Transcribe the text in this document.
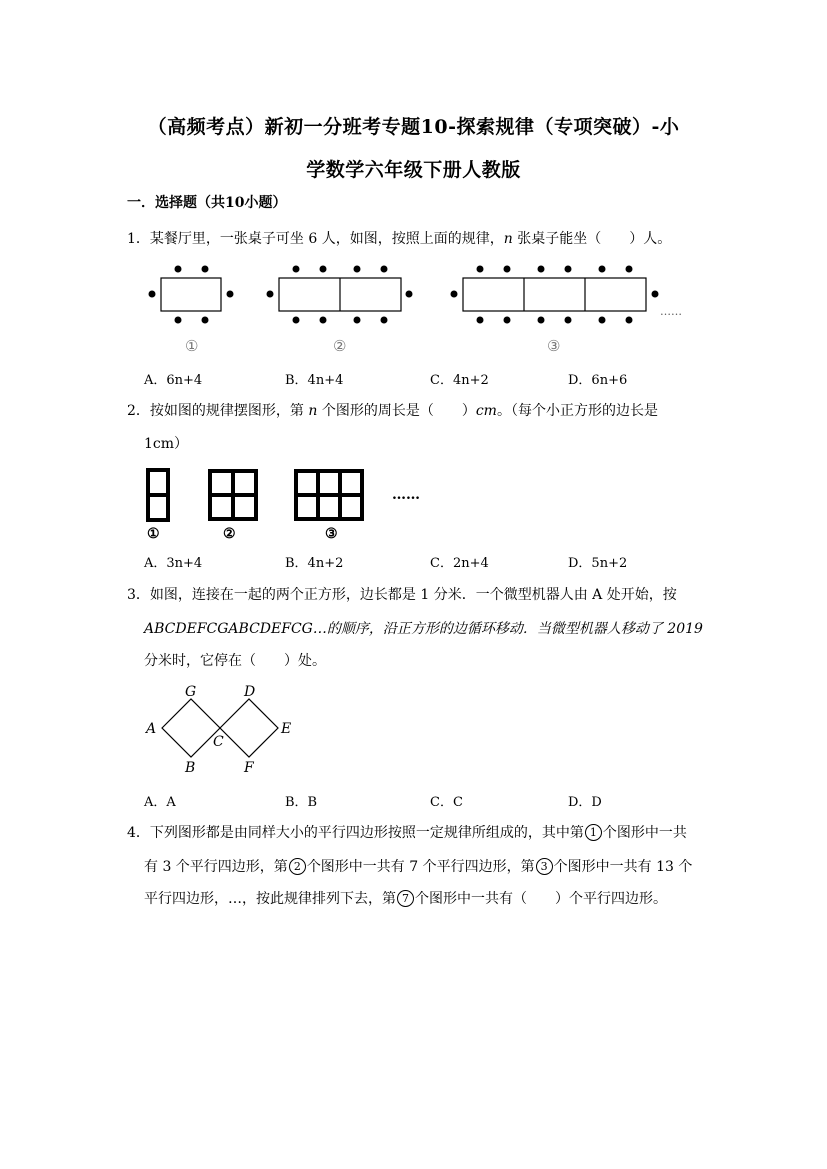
（高频考点）新初一分班考专题10-探索规律（专项突破）-小
学数学六年级下册人教版
一．选择题（共10小题）
1．某餐厅里，一张桌子可坐 6 人，如图，按照上面的规律，n 张桌子能坐（　　）人。
……
①	②	③
A．6n+4	B．4n+4	C．4n+2	D．6n+6
2．按如图的规律摆图形，第 n 个图形的周长是（　　）cm。（每个小正方形的边长是
1cm）
……
①	②	③
A．3n+4	B．4n+2	C．2n+4	D．5n+2
3．如图，连接在一起的两个正方形，边长都是 1 分米．一个微型机器人由 A 处开始，按
ABCDEFCGABCDEFCG…的顺序，沿正方形的边循环移动．当微型机器人移动了 2019
分米时，它停在（　　）处。
G	D
A
C
E
B	F
A．A	B．B	C．C	D．D
4．下列图形都是由同样大小的平行四边形按照一定规律所组成的，其中第 1 个图形中一共
有 3 个平行四边形，第 2 个图形中一共有 7 个平行四边形，第 3 个图形中一共有 13 个
平行四边形，…，按此规律排列下去，第 7 个图形中一共有（　　）个平行四边形。
